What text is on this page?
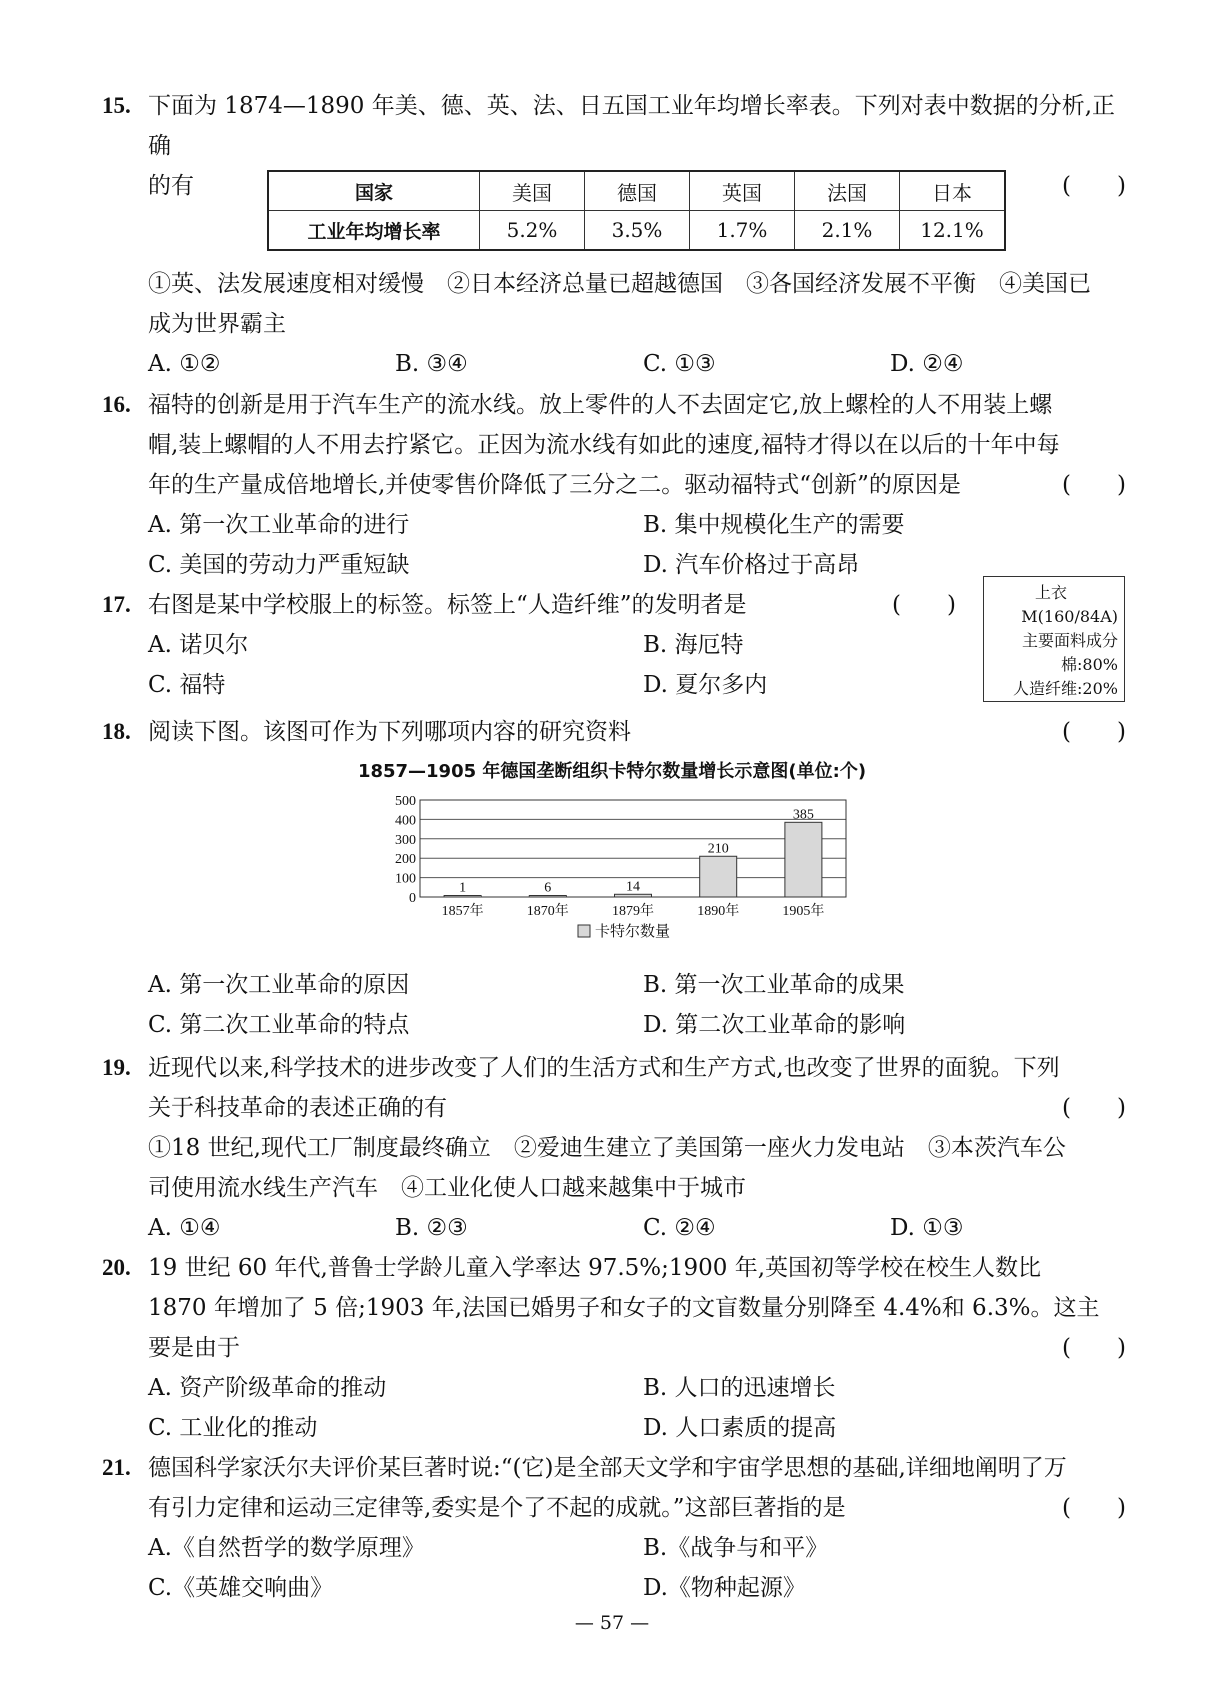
15. 下面为 1874—1890 年美、德、英、法、日五国工业年均增长率表。下列对表中数据的分析,正确
的有	(　　)
国家	美国	德国	英国	法国	日本
工业年均增长率	5.2%	3.5%	1.7%	2.1%	12.1%
①英、法发展速度相对缓慢　②日本经济总量已超越德国　③各国经济发展不平衡　④美国已
成为世界霸主
A. ①②	B. ③④	C. ①③	D. ②④
16. 福特的创新是用于汽车生产的流水线。放上零件的人不去固定它,放上螺栓的人不用装上螺
帽,装上螺帽的人不用去拧紧它。正因为流水线有如此的速度,福特才得以在以后的十年中每
年的生产量成倍地增长,并使零售价降低了三分之二。驱动福特式“创新”的原因是	(　　)
A. 第一次工业革命的进行	B. 集中规模化生产的需要
C. 美国的劳动力严重短缺	D. 汽车价格过于高昂
17. 右图是某中学校服上的标签。标签上“人造纤维”的发明者是	(　　)
A. 诺贝尔	B. 海厄特
C. 福特	D. 夏尔多内
上衣
M(160/84A)
主要面料成分
棉:80%
人造纤维:20%
18. 阅读下图。该图可作为下列哪项内容的研究资料	(　　)
1857—1905 年德国垄断组织卡特尔数量增长示意图(单位:个)
0
100
200
300
400
500
1
1857年
6
1870年
14
1879年
210
1890年
385
1905年
卡特尔数量
A. 第一次工业革命的原因	B. 第一次工业革命的成果
C. 第二次工业革命的特点	D. 第二次工业革命的影响
19. 近现代以来,科学技术的进步改变了人们的生活方式和生产方式,也改变了世界的面貌。下列
关于科技革命的表述正确的有	(　　)
①18 世纪,现代工厂制度最终确立　②爱迪生建立了美国第一座火力发电站　③本茨汽车公
司使用流水线生产汽车　④工业化使人口越来越集中于城市
A. ①④	B. ②③	C. ②④	D. ①③
20. 19 世纪 60 年代,普鲁士学龄儿童入学率达 97.5%;1900 年,英国初等学校在校生人数比
1870 年增加了 5 倍;1903 年,法国已婚男子和女子的文盲数量分别降至 4.4%和 6.3%。这主
要是由于	(　　)
A. 资产阶级革命的推动	B. 人口的迅速增长
C. 工业化的推动	D. 人口素质的提高
21. 德国科学家沃尔夫评价某巨著时说:“(它)是全部天文学和宇宙学思想的基础,详细地阐明了万
有引力定律和运动三定律等,委实是个了不起的成就。”这部巨著指的是	(　　)
A.《自然哲学的数学原理》	B.《战争与和平》
C.《英雄交响曲》	D.《物种起源》
— 57 —
